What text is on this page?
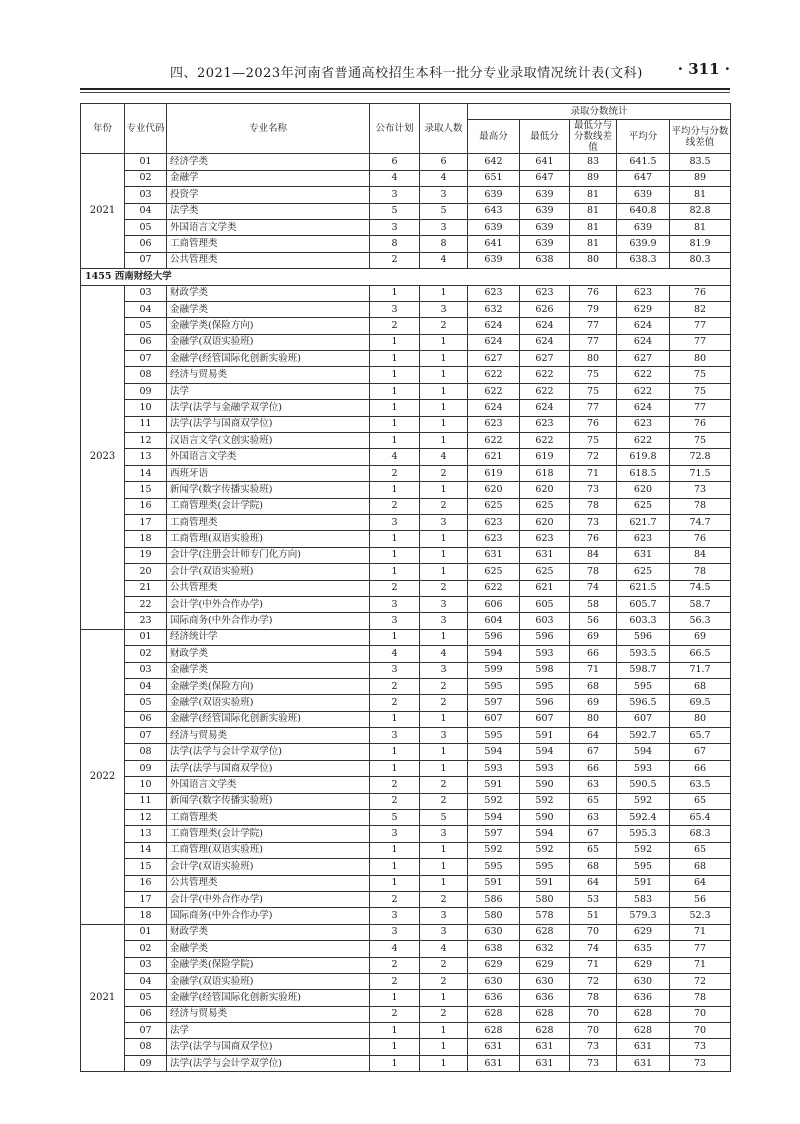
四、2021—2023年河南省普通高校招生本科一批分专业录取情况统计表(文科) · 311 ·
年份	专业代码	专业名称	公布计划	录取人数	录取分数统计				
					最高分	最低分	最低分与分数线差值	平均分	平均分与分数线差值
2021	01	经济学类	6	6	642	641	83	641.5	83.5
	02	金融学	4	4	651	647	89	647	89
	03	投资学	3	3	639	639	81	639	81
	04	法学类	5	5	643	639	81	640.8	82.8
	05	外国语言文学类	3	3	639	639	81	639	81
	06	工商管理类	8	8	641	639	81	639.9	81.9
	07	公共管理类	2	4	639	638	80	638.3	80.3
1455 西南财经大学									
2023	03	财政学类	1	1	623	623	76	623	76
	04	金融学类	3	3	632	626	79	629	82
	05	金融学类(保险方向)	2	2	624	624	77	624	77
	06	金融学(双语实验班)	1	1	624	624	77	624	77
	07	金融学(经管国际化创新实验班)	1	1	627	627	80	627	80
	08	经济与贸易类	1	1	622	622	75	622	75
	09	法学	1	1	622	622	75	622	75
	10	法学(法学与金融学双学位)	1	1	624	624	77	624	77
	11	法学(法学与国商双学位)	1	1	623	623	76	623	76
	12	汉语言文学(文创实验班)	1	1	622	622	75	622	75
	13	外国语言文学类	4	4	621	619	72	619.8	72.8
	14	西班牙语	2	2	619	618	71	618.5	71.5
	15	新闻学(数字传播实验班)	1	1	620	620	73	620	73
	16	工商管理类(会计学院)	2	2	625	625	78	625	78
	17	工商管理类	3	3	623	620	73	621.7	74.7
	18	工商管理(双语实验班)	1	1	623	623	76	623	76
	19	会计学(注册会计师专门化方向)	1	1	631	631	84	631	84
	20	会计学(双语实验班)	1	1	625	625	78	625	78
	21	公共管理类	2	2	622	621	74	621.5	74.5
	22	会计学(中外合作办学)	3	3	606	605	58	605.7	58.7
	23	国际商务(中外合作办学)	3	3	604	603	56	603.3	56.3
2022	01	经济统计学	1	1	596	596	69	596	69
	02	财政学类	4	4	594	593	66	593.5	66.5
	03	金融学类	3	3	599	598	71	598.7	71.7
	04	金融学类(保险方向)	2	2	595	595	68	595	68
	05	金融学(双语实验班)	2	2	597	596	69	596.5	69.5
	06	金融学(经管国际化创新实验班)	1	1	607	607	80	607	80
	07	经济与贸易类	3	3	595	591	64	592.7	65.7
	08	法学(法学与会计学双学位)	1	1	594	594	67	594	67
	09	法学(法学与国商双学位)	1	1	593	593	66	593	66
	10	外国语言文学类	2	2	591	590	63	590.5	63.5
	11	新闻学(数字传播实验班)	2	2	592	592	65	592	65
	12	工商管理类	5	5	594	590	63	592.4	65.4
	13	工商管理类(会计学院)	3	3	597	594	67	595.3	68.3
	14	工商管理(双语实验班)	1	1	592	592	65	592	65
	15	会计学(双语实验班)	1	1	595	595	68	595	68
	16	公共管理类	1	1	591	591	64	591	64
	17	会计学(中外合作办学)	2	2	586	580	53	583	56
	18	国际商务(中外合作办学)	3	3	580	578	51	579.3	52.3
2021	01	财政学类	3	3	630	628	70	629	71
	02	金融学类	4	4	638	632	74	635	77
	03	金融学类(保险学院)	2	2	629	629	71	629	71
	04	金融学(双语实验班)	2	2	630	630	72	630	72
	05	金融学(经管国际化创新实验班)	1	1	636	636	78	636	78
	06	经济与贸易类	2	2	628	628	70	628	70
	07	法学	1	1	628	628	70	628	70
	08	法学(法学与国商双学位)	1	1	631	631	73	631	73
	09	法学(法学与会计学双学位)	1	1	631	631	73	631	73
